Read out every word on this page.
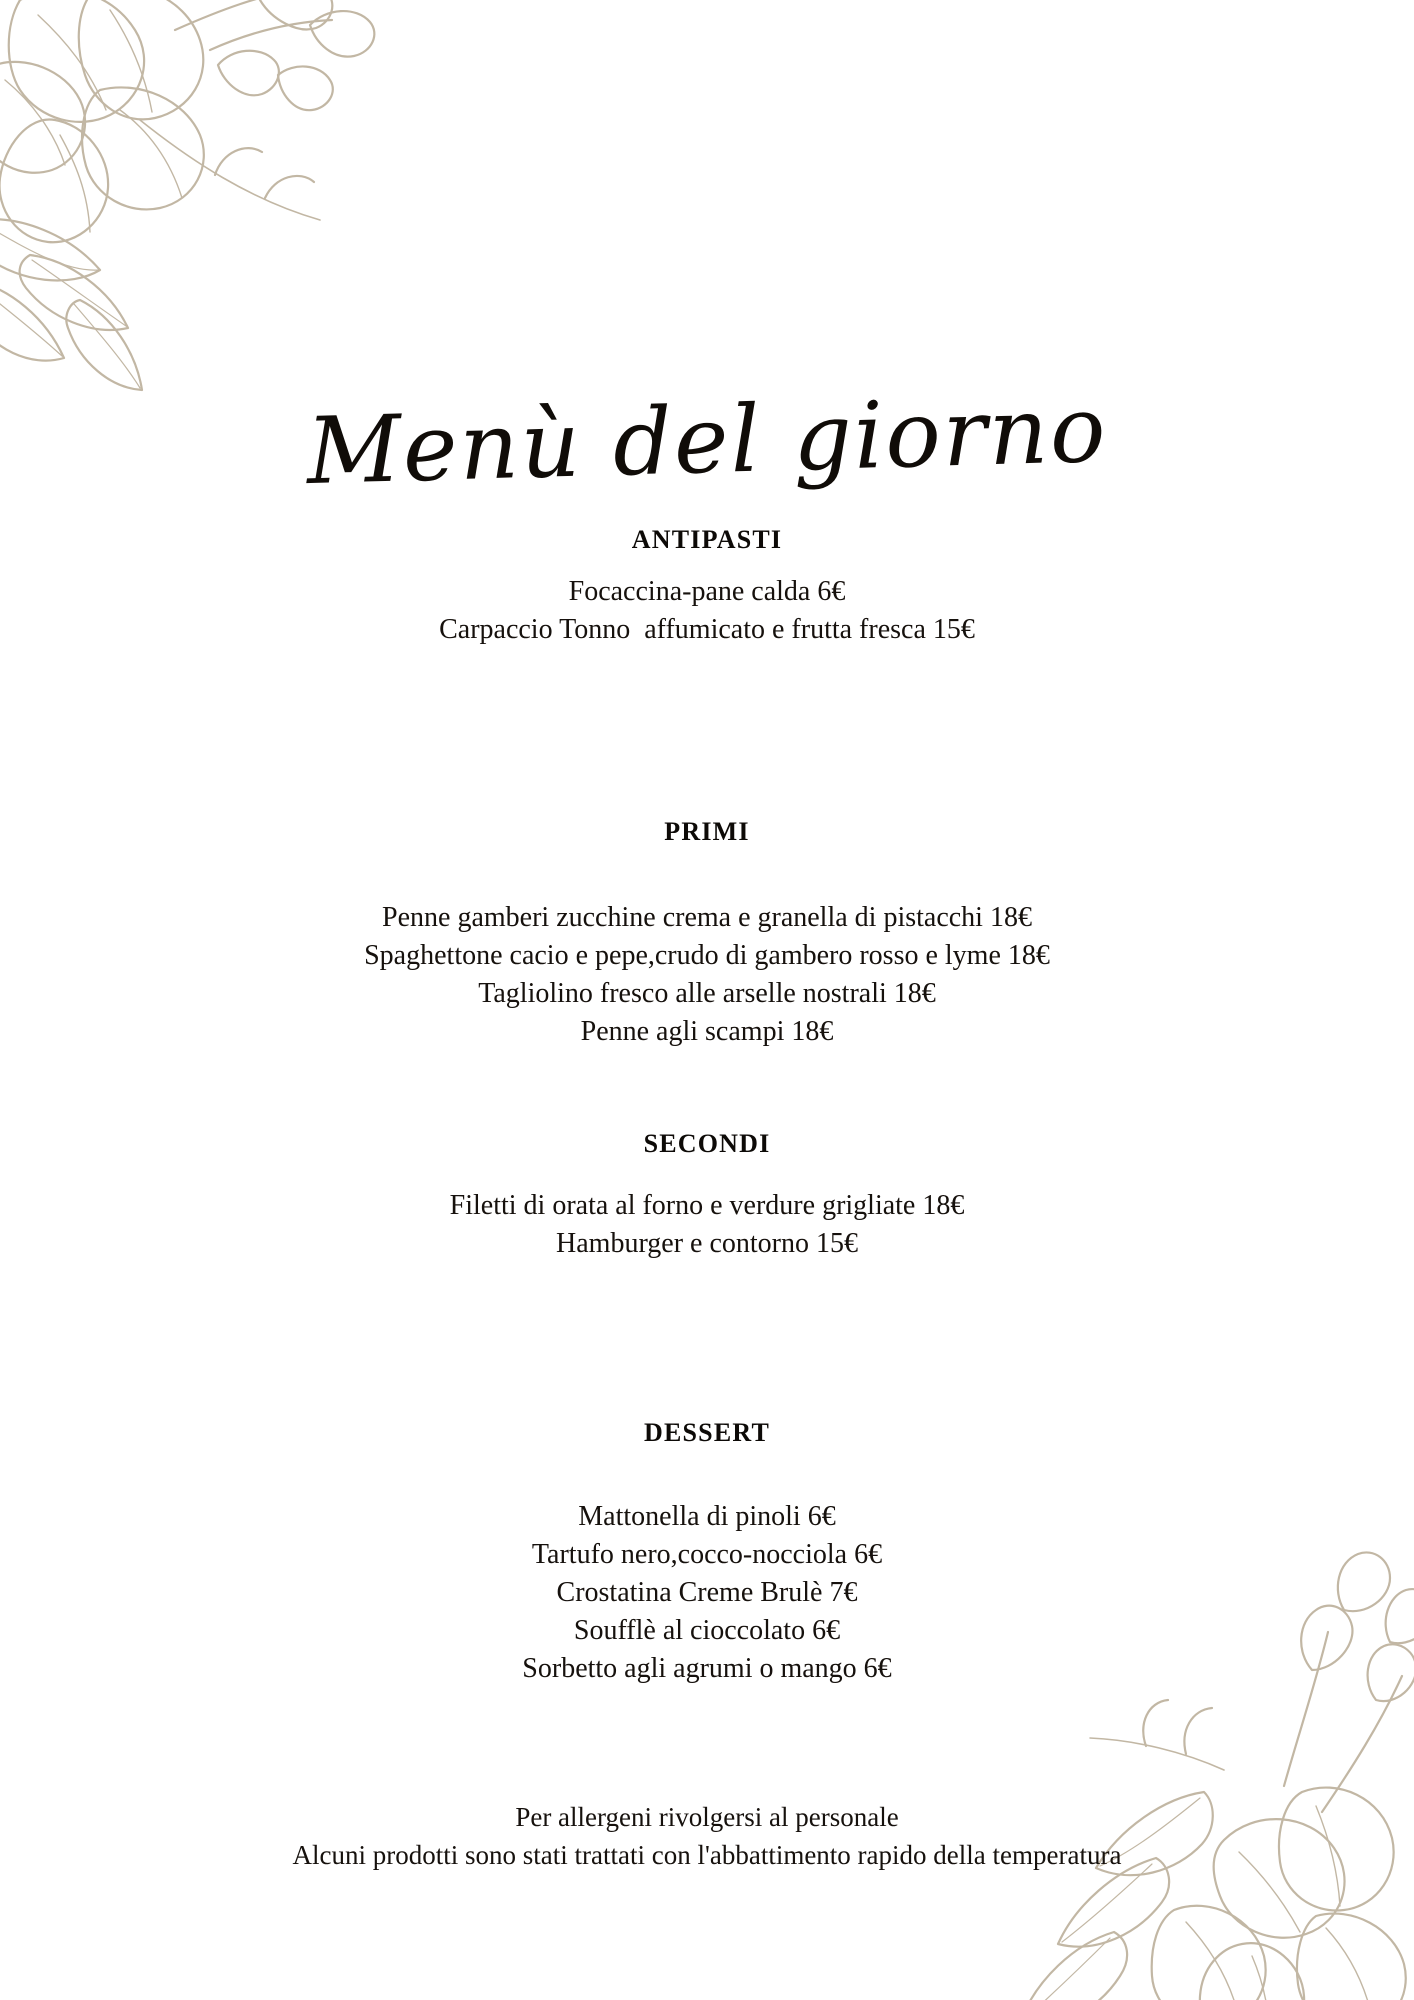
Menù del giorno
ANTIPASTI
Focaccina-pane calda 6€
Carpaccio Tonno  affumicato e frutta fresca 15€
PRIMI
Penne gamberi zucchine crema e granella di pistacchi 18€
Spaghettone cacio e pepe,crudo di gambero rosso e lyme 18€
Tagliolino fresco alle arselle nostrali 18€
Penne agli scampi 18€
SECONDI
Filetti di orata al forno e verdure grigliate 18€
Hamburger e contorno 15€
DESSERT
Mattonella di pinoli 6€
Tartufo nero,cocco-nocciola 6€
Crostatina Creme Brulè 7€
Soufflè al cioccolato 6€
Sorbetto agli agrumi o mango 6€
Per allergeni rivolgersi al personale
Alcuni prodotti sono stati trattati con l'abbattimento rapido della temperatura
